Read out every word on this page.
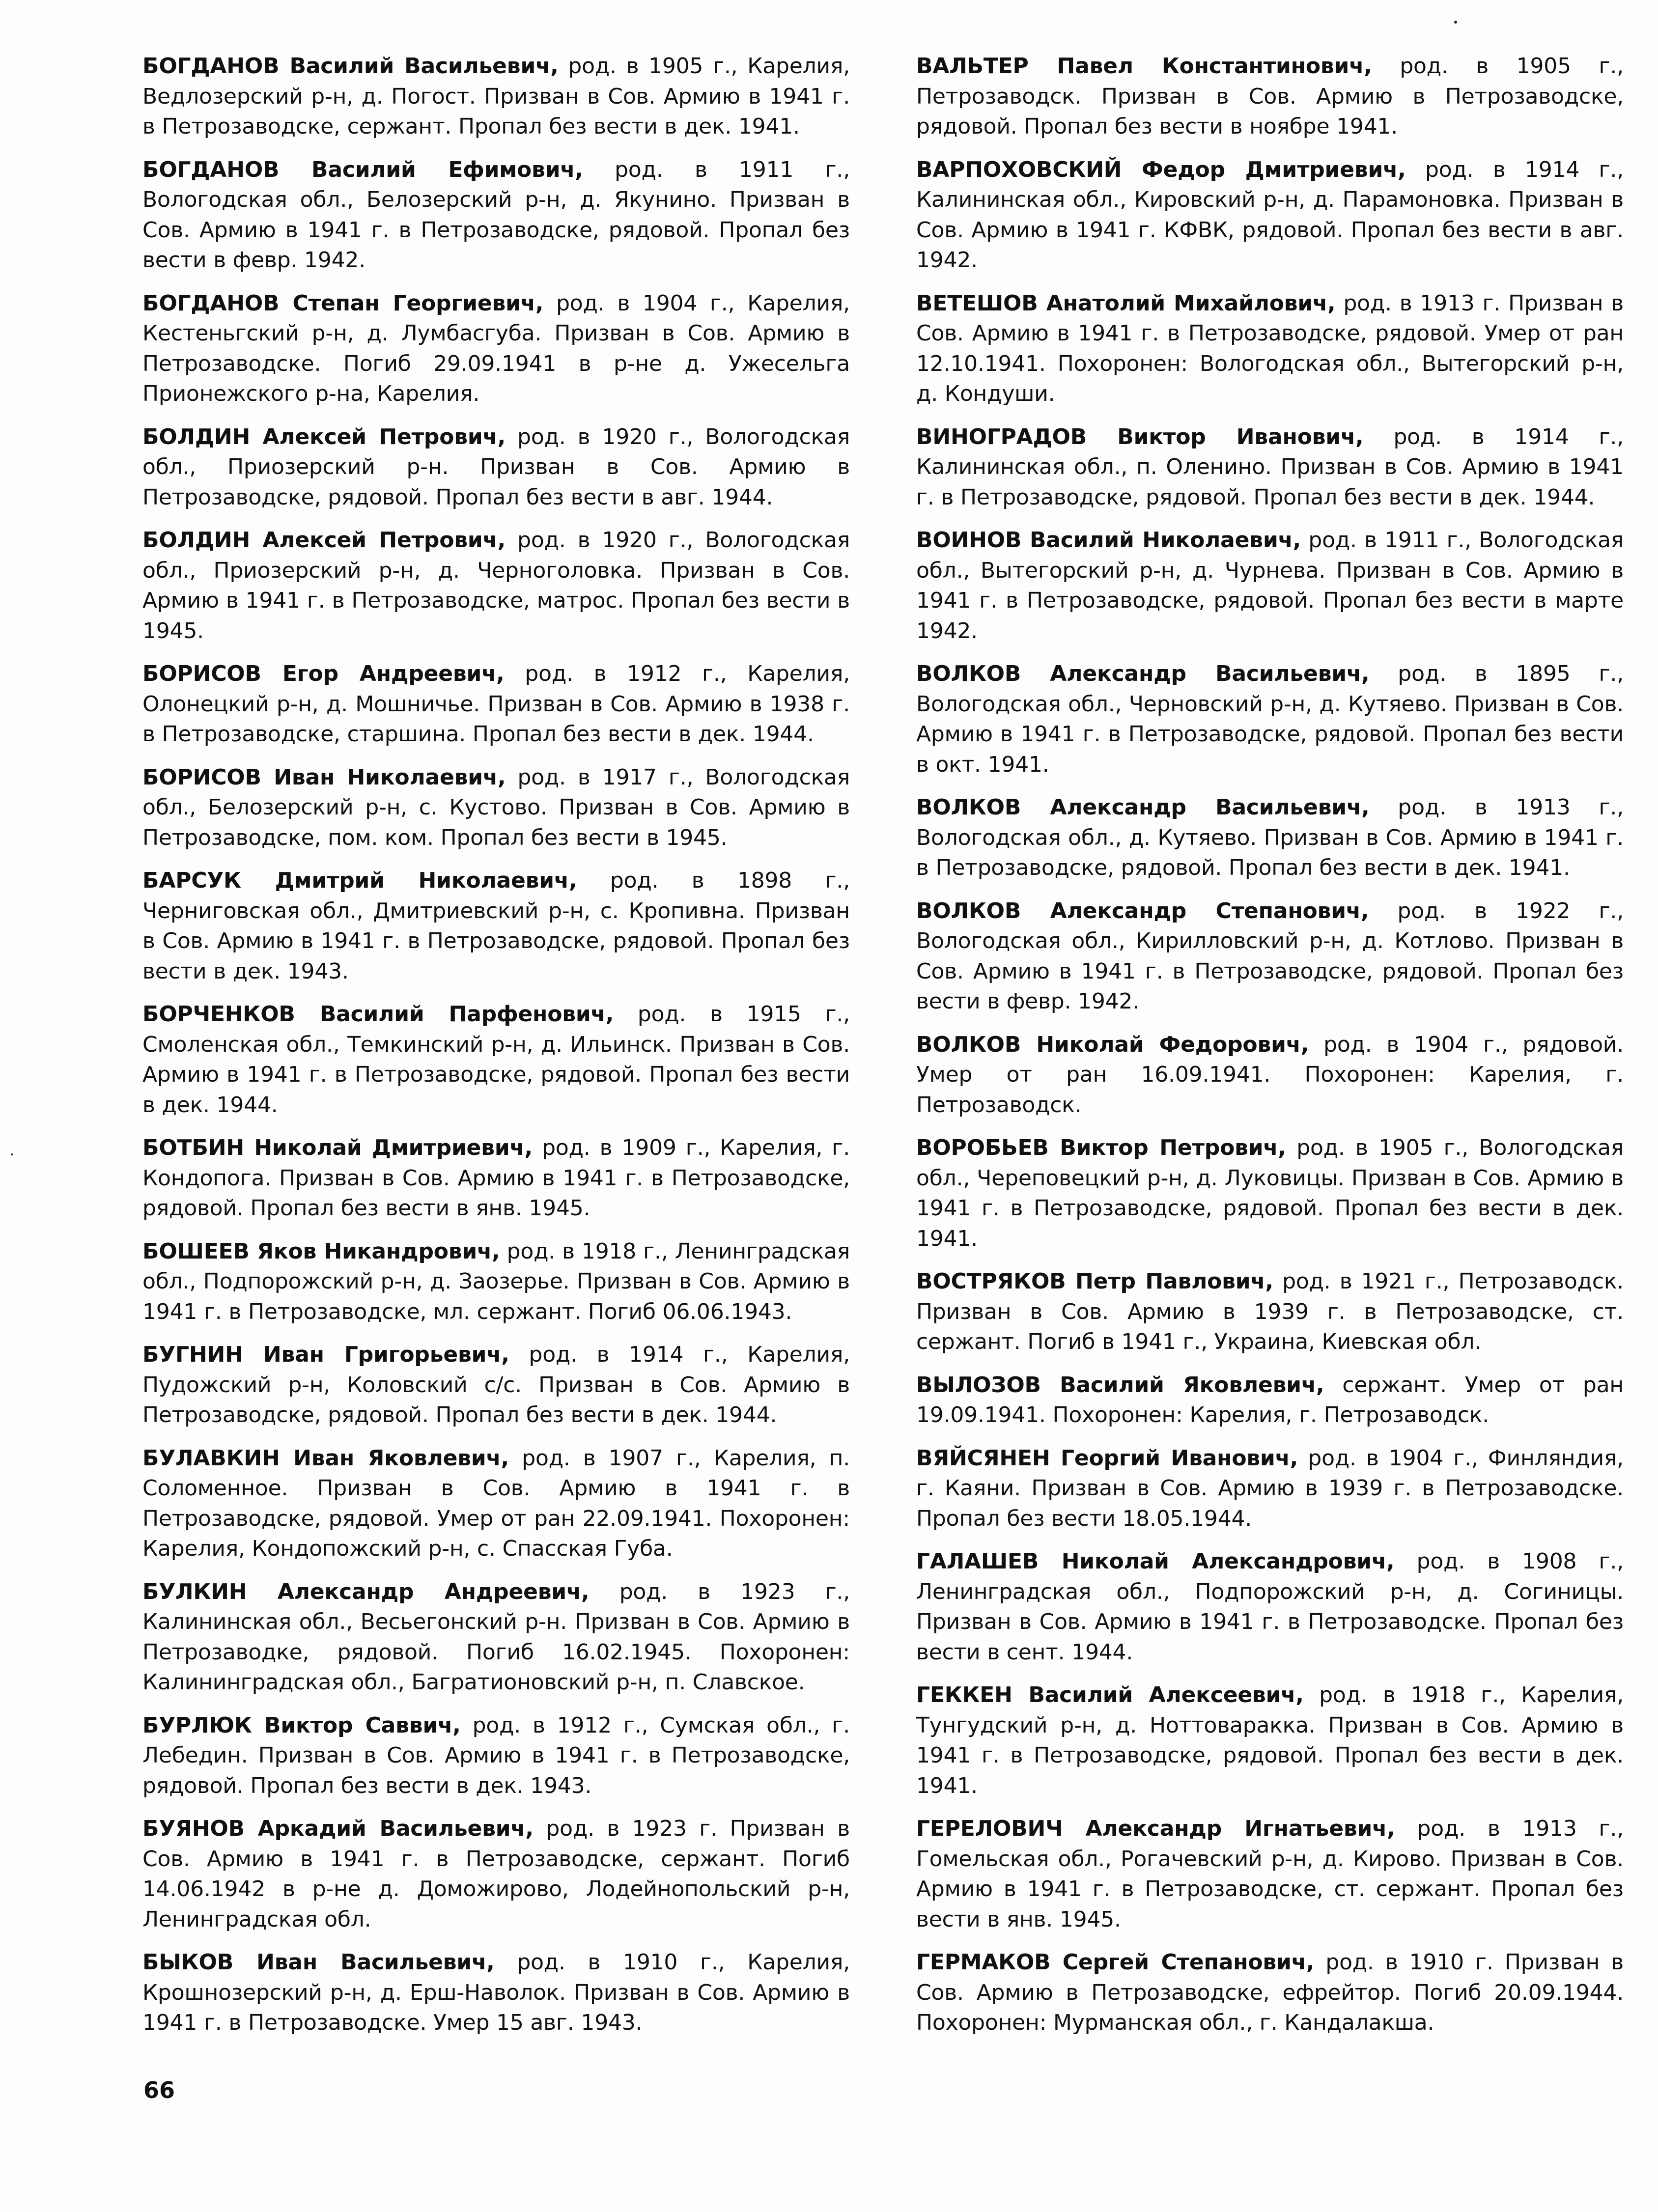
БОГДАНОВ Василий Васильевич, род. в 1905 г., Карелия, Ведлозерский р-н, д. Погост. Призван в Сов. Армию в 1941 г. в Петрозаводске, сержант. Пропал без вести в дек. 1941.

БОГДАНОВ Василий Ефимович, род. в 1911 г., Вологодская обл., Белозерский р-н, д. Якунино. Призван в Сов. Армию в 1941 г. в Петрозаводске, рядовой. Пропал без вести в февр. 1942.

БОГДАНОВ Степан Георгиевич, род. в 1904 г., Карелия, Кестеньгский р-н, д. Лумбасгуба. Призван в Сов. Армию в Петрозаводске. Погиб 29.09.1941 в р-не д. Ужесельга Прионежского р-на, Карелия.

БОЛДИН Алексей Петрович, род. в 1920 г., Вологодская обл., Приозерский р-н. Призван в Сов. Армию в Петрозаводске, рядовой. Пропал без вести в авг. 1944.

БОЛДИН Алексей Петрович, род. в 1920 г., Вологодская обл., Приозерский р-н, д. Черноголовка. Призван в Сов. Армию в 1941 г. в Петрозаводске, матрос. Пропал без вести в 1945.

БОРИСОВ Егор Андреевич, род. в 1912 г., Карелия, Олонецкий р-н, д. Мошничье. Призван в Сов. Армию в 1938 г. в Петрозаводске, старшина. Пропал без вести в дек. 1944.

БОРИСОВ Иван Николаевич, род. в 1917 г., Вологодская обл., Белозерский р-н, с. Кустово. Призван в Сов. Армию в Петрозаводске, пом. ком. Пропал без вести в 1945.

БАРСУК Дмитрий Николаевич, род. в 1898 г., Черниговская обл., Дмитриевский р-н, с. Кропивна. Призван в Сов. Армию в 1941 г. в Петрозаводске, рядовой. Пропал без вести в дек. 1943.

БОРЧЕНКОВ Василий Парфенович, род. в 1915 г., Смоленская обл., Темкинский р-н, д. Ильинск. Призван в Сов. Армию в 1941 г. в Петрозаводске, рядовой. Пропал без вести в дек. 1944.

БОТБИН Николай Дмитриевич, род. в 1909 г., Карелия, г. Кондопога. Призван в Сов. Армию в 1941 г. в Петрозаводске, рядовой. Пропал без вести в янв. 1945.

БОШЕЕВ Яков Никандрович, род. в 1918 г., Ленинградская обл., Подпорожский р-н, д. Заозерье. Призван в Сов. Армию в 1941 г. в Петрозаводске, мл. сержант. Погиб 06.06.1943.

БУГНИН Иван Григорьевич, род. в 1914 г., Карелия, Пудожский р-н, Коловский с/с. Призван в Сов. Армию в Петрозаводске, рядовой. Пропал без вести в дек. 1944.

БУЛАВКИН Иван Яковлевич, род. в 1907 г., Карелия, п. Соломенное. Призван в Сов. Армию в 1941 г. в Петрозаводске, рядовой. Умер от ран 22.09.1941. Похоронен: Карелия, Кондопожский р-н, с. Спасская Губа.

БУЛКИН Александр Андреевич, род. в 1923 г., Калининская обл., Весьегонский р-н. Призван в Сов. Армию в Петрозаводке, рядовой. Погиб 16.02.1945. Похоронен: Калининградская обл., Багратионовский р-н, п. Славское.

БУРЛЮК Виктор Саввич, род. в 1912 г., Сумская обл., г. Лебедин. Призван в Сов. Армию в 1941 г. в Петрозаводске, рядовой. Пропал без вести в дек. 1943.

БУЯНОВ Аркадий Васильевич, род. в 1923 г. Призван в Сов. Армию в 1941 г. в Петрозаводске, сержант. Погиб 14.06.1942 в р-не д. Доможирово, Лодейнопольский р-н, Ленинградская обл.

БЫКОВ Иван Васильевич, род. в 1910 г., Карелия, Крошнозерский р-н, д. Ерш-Наволок. Призван в Сов. Армию в 1941 г. в Петрозаводске. Умер 15 авг. 1943.

ВАЛЬТЕР Павел Константинович, род. в 1905 г., Петрозаводск. Призван в Сов. Армию в Петрозаводске, рядовой. Пропал без вести в ноябре 1941.

ВАРПОХОВСКИЙ Федор Дмитриевич, род. в 1914 г., Калининская обл., Кировский р-н, д. Парамоновка. Призван в Сов. Армию в 1941 г. КФВК, рядовой. Пропал без вести в авг. 1942.

ВЕТЕШОВ Анатолий Михайлович, род. в 1913 г. Призван в Сов. Армию в 1941 г. в Петрозаводске, рядовой. Умер от ран 12.10.1941. Похоронен: Вологодская обл., Вытегорский р-н, д. Кондуши.

ВИНОГРАДОВ Виктор Иванович, род. в 1914 г., Калининская обл., п. Оленино. Призван в Сов. Армию в 1941 г. в Петрозаводске, рядовой. Пропал без вести в дек. 1944.

ВОИНОВ Василий Николаевич, род. в 1911 г., Вологодская обл., Вытегорский р-н, д. Чурнева. Призван в Сов. Армию в 1941 г. в Петрозаводске, рядовой. Пропал без вести в марте 1942.

ВОЛКОВ Александр Васильевич, род. в 1895 г., Вологодская обл., Черновский р-н, д. Кутяево. Призван в Сов. Армию в 1941 г. в Петрозаводске, рядовой. Пропал без вести в окт. 1941.

ВОЛКОВ Александр Васильевич, род. в 1913 г., Вологодская обл., д. Кутяево. Призван в Сов. Армию в 1941 г. в Петрозаводске, рядовой. Пропал без вести в дек. 1941.

ВОЛКОВ Александр Степанович, род. в 1922 г., Вологодская обл., Кирилловский р-н, д. Котлово. Призван в Сов. Армию в 1941 г. в Петрозаводске, рядовой. Пропал без вести в февр. 1942.

ВОЛКОВ Николай Федорович, род. в 1904 г., рядовой. Умер от ран 16.09.1941. Похоронен: Карелия, г. Петрозаводск.

ВОРОБЬЕВ Виктор Петрович, род. в 1905 г., Вологодская обл., Череповецкий р-н, д. Луковицы. Призван в Сов. Армию в 1941 г. в Петрозаводске, рядовой. Пропал без вести в дек. 1941.

ВОСТРЯКОВ Петр Павлович, род. в 1921 г., Петрозаводск. Призван в Сов. Армию в 1939 г. в Петрозаводске, ст. сержант. Погиб в 1941 г., Украина, Киевская обл.

ВЫЛОЗОВ Василий Яковлевич, сержант. Умер от ран 19.09.1941. Похоронен: Карелия, г. Петрозаводск.

ВЯЙСЯНЕН Георгий Иванович, род. в 1904 г., Финляндия, г. Каяни. Призван в Сов. Армию в 1939 г. в Петрозаводске. Пропал без вести 18.05.1944.

ГАЛАШЕВ Николай Александрович, род. в 1908 г., Ленинградская обл., Подпорожский р-н, д. Согиницы. Призван в Сов. Армию в 1941 г. в Петрозаводске. Пропал без вести в сент. 1944.

ГЕККЕН Василий Алексеевич, род. в 1918 г., Карелия, Тунгудский р-н, д. Ноттоваракка. Призван в Сов. Армию в 1941 г. в Петрозаводске, рядовой. Пропал без вести в дек. 1941.

ГЕРЕЛОВИЧ Александр Игнатьевич, род. в 1913 г., Гомельская обл., Рогачевский р-н, д. Кирово. Призван в Сов. Армию в 1941 г. в Петрозаводске, ст. сержант. Пропал без вести в янв. 1945.

ГЕРМАКОВ Сергей Степанович, род. в 1910 г. Призван в Сов. Армию в Петрозаводске, ефрейтор. Погиб 20.09.1944. Похоронен: Мурманская обл., г. Кандалакша.

66
